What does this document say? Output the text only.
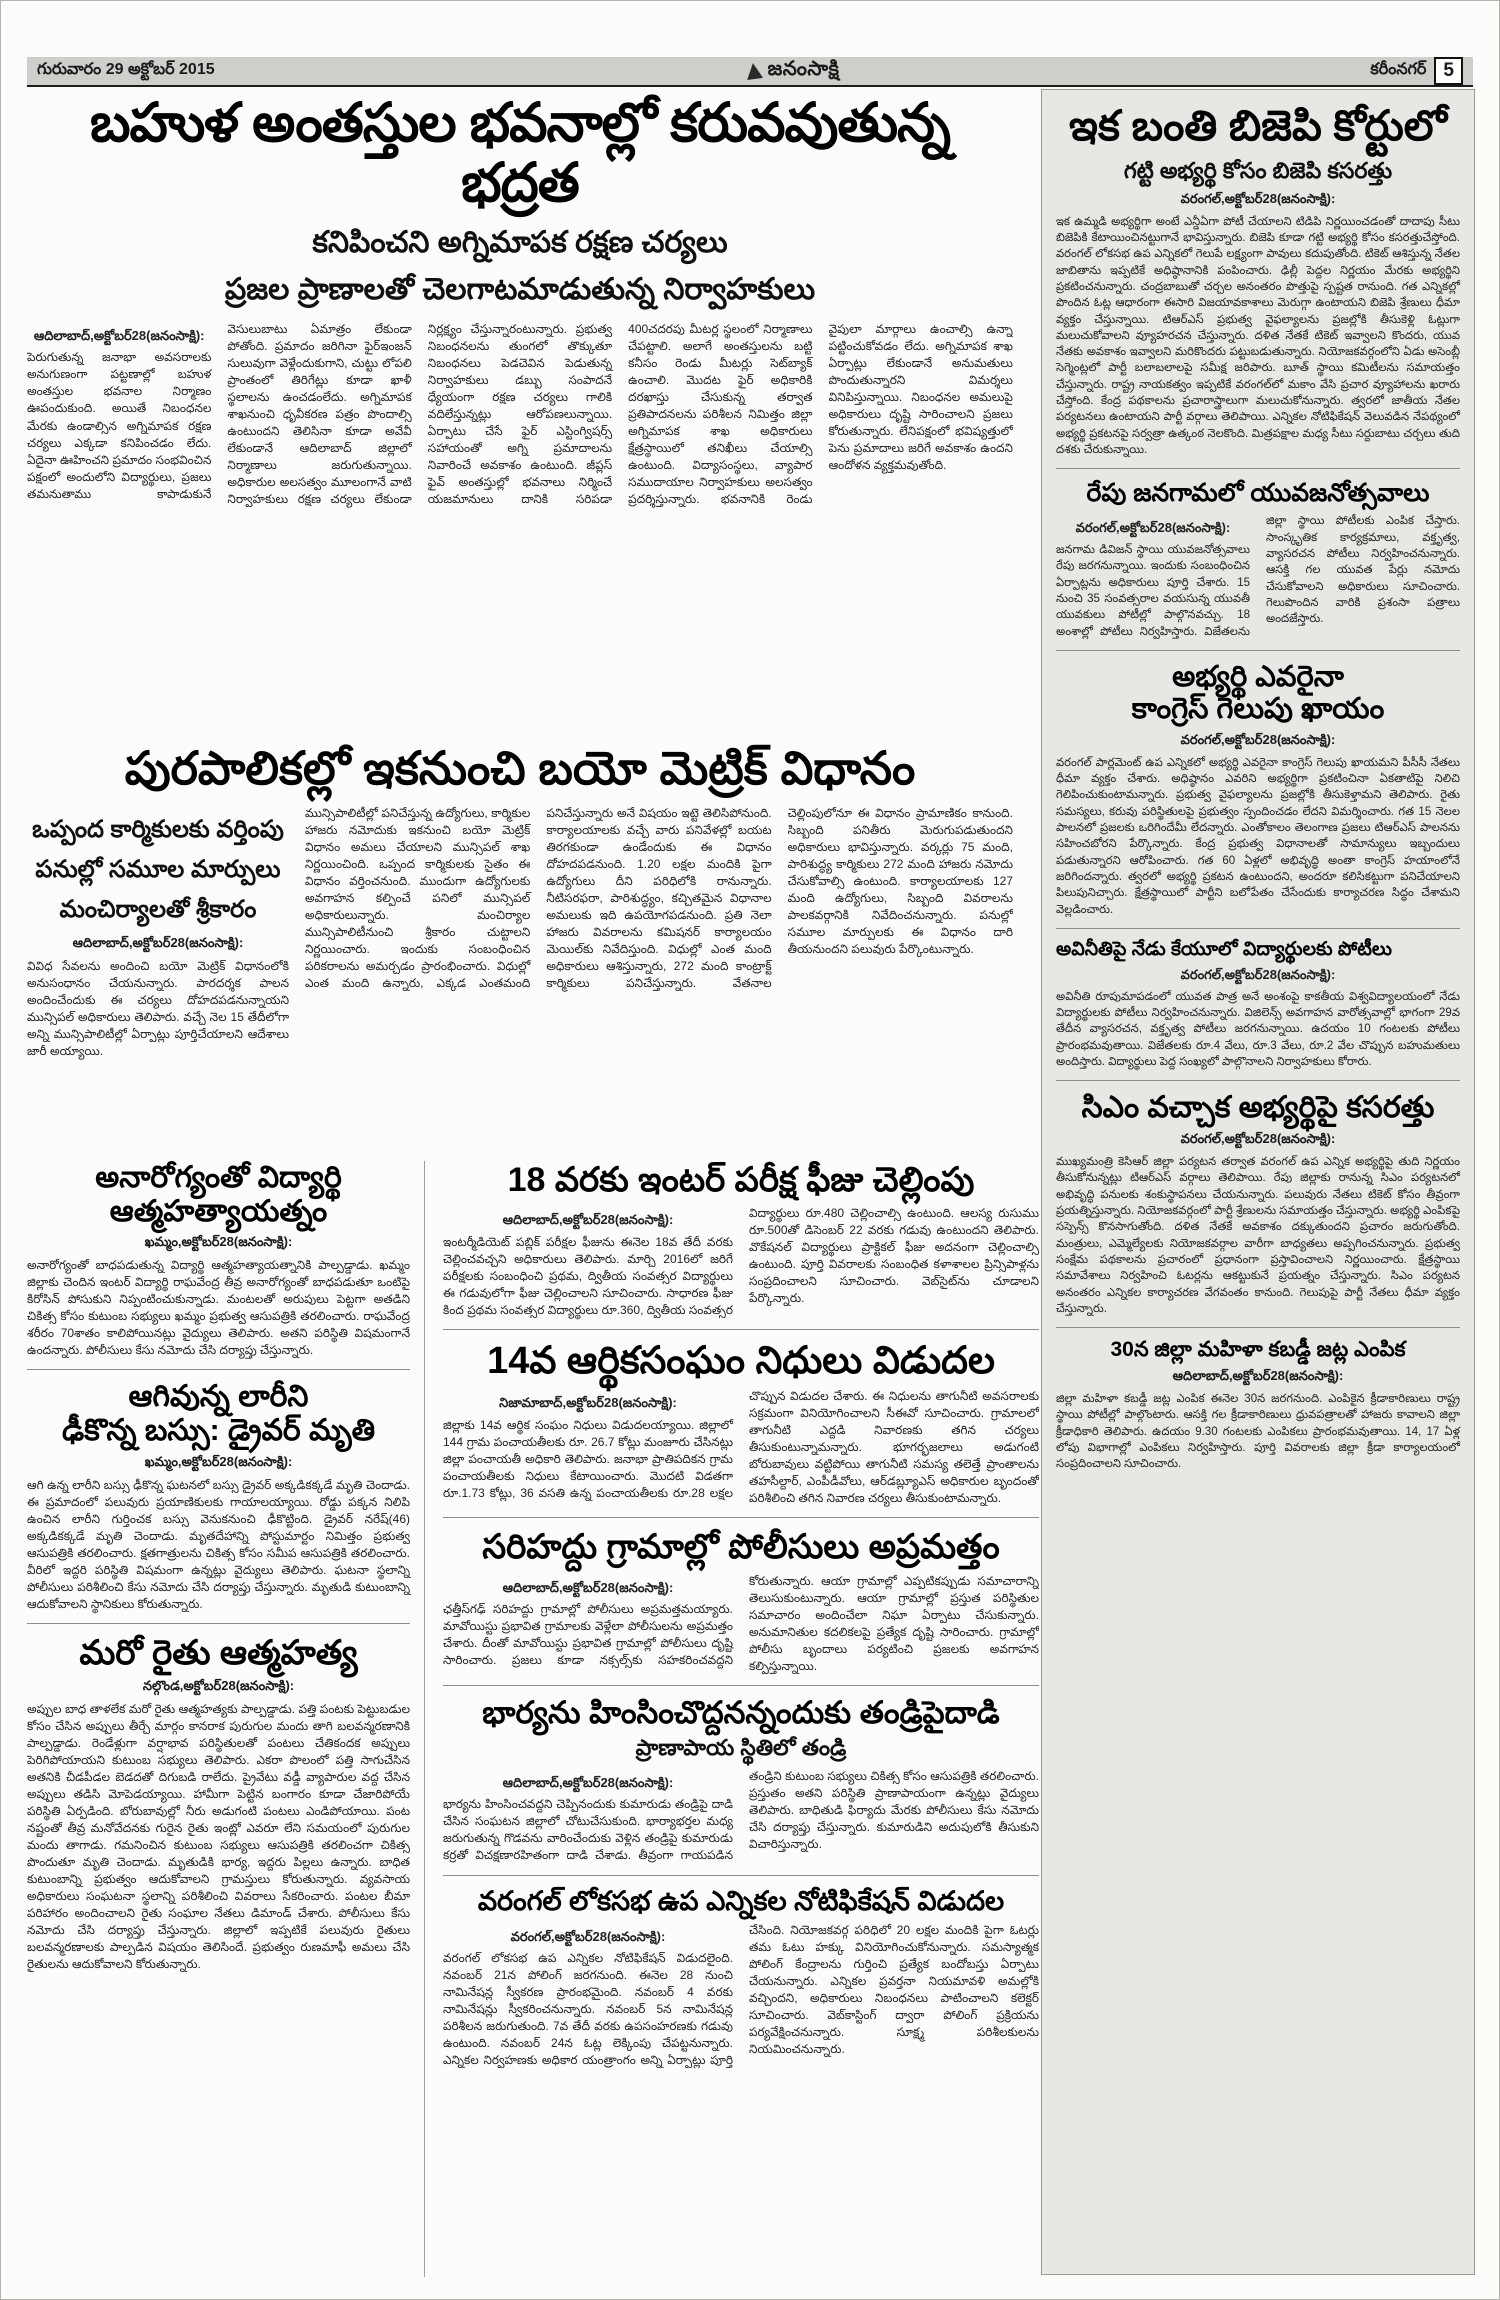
గురువారం 29 అక్టోబర్ 2015	జనంసాక్షి	కరీంనగర్ 5
బహుళ అంతస్తుల భవనాల్లో కరువవుతున్న భద్రత
కనిపించని అగ్నిమాపక రక్షణ చర్యలు
ప్రజల ప్రాణాలతో చెలగాటమాడుతున్న నిర్వాహకులు
ఆదిలాబాద్,అక్టోబర్28(జనంసాక్షి):
పెరుగుతున్న జనాభా అవసరాలకు అనుగుణంగా పట్టణాల్లో బహుళ అంతస్తుల భవనాల నిర్మాణం ఊపందుకుంది. అయితే నిబంధనల మేరకు ఉండాల్సిన అగ్నిమాపక రక్షణ చర్యలు ఎక్కడా కనిపించడం లేదు. ఏదైనా ఊహించని ప్రమాదం సంభవించిన పక్షంలో అందులోని విద్యార్థులు, ప్రజలు తమనుతాము కాపాడుకునే వెసులుబాటు ఏమాత్రం లేకుండా పోతోంది. ప్రమాదం జరిగినా ఫైర్‌ఇంజన్ సులువుగా వెళ్లేందుకుగాని, చుట్టు లోపలి ప్రాంతంలో తిరిగేట్లు కూడా ఖాళీ స్థలాలను ఉంచడంలేదు. అగ్నిమాపక శాఖనుంచి ధృవీకరణ పత్రం పొందాల్సి ఉంటుందని తెలిసినా కూడా అవేవీ లేకుండానే ఆదిలాబాద్ జిల్లాలో నిర్మాణాలు జరుగుతున్నాయి. అధికారుల అలసత్వం మూలంగానే వాటి నిర్వాహకులు రక్షణ చర్యలు లేకుండా నిర్లక్ష్యం చేస్తున్నారంటున్నారు. ప్రభుత్వ నిబంధనలను తుంగలో తొక్కుతూ నిబంధనలు పెడచెవిన పెడుతున్న నిర్వాహకులు డబ్బు సంపాదనే ధ్యేయంగా రక్షణ చర్యలు గాలికి వదిలేస్తున్నట్లు ఆరోపణలున్నాయి. ఏర్పాటు చేసే ఫైర్ ఎస్టింగ్విషర్స్ సహాయంతో అగ్ని ప్రమాదాలను నివారించే అవకాశం ఉంటుంది. జీప్లస్ ఫైవ్ అంతస్తుల్లో భవనాలు నిర్మించే యజమానులు దానికి సరిపడా 400చదరపు మీటర్ల స్థలంలో నిర్మాణాలు చేపట్టాలి. అలాగే అంతస్తులను బట్టి కనీసం రెండు మీటర్లు సెట్‌బ్యాక్ ఉంచాలి. మొదట ఫైర్ అధికారికి దరఖాస్తు చేసుకున్న తర్వాత ప్రతిపాదనలను పరిశీలన నిమిత్తం జిల్లా అగ్నిమాపక శాఖ అధికారులు క్షేత్రస్థాయిలో తనిఖీలు చేయాల్సి ఉంటుంది. విద్యాసంస్థలు, వ్యాపార సముదాయాల నిర్వాహకులు అలసత్వం ప్రదర్శిస్తున్నారు. భవనానికి రెండు వైపులా మార్గాలు ఉంచాల్సి ఉన్నా పట్టించుకోవడం లేదు. అగ్నిమాపక శాఖ ఏర్పాట్లు లేకుండానే అనుమతులు పొందుతున్నారని విమర్శలు వినిపిస్తున్నాయి. నిబంధనల అమలుపై అధికారులు దృష్టి సారించాలని ప్రజలు కోరుతున్నారు. లేనిపక్షంలో భవిష్యత్తులో పెను ప్రమాదాలు జరిగే అవకాశం ఉందని ఆందోళన వ్యక్తమవుతోంది.
పురపాలికల్లో ఇకనుంచి బయో మెట్రిక్ విధానం
ఒప్పంద కార్మికులకు వర్తింపు
పనుల్లో సమూల మార్పులు
మంచిర్యాలతో శ్రీకారం
ఆదిలాబాద్,అక్టోబర్28(జనంసాక్షి):
వివిధ సేవలను అందించి బయో మెట్రిక్ విధానంలోకి అనుసంధానం చేయనున్నారు. పారదర్శక పాలన అందించేందుకు ఈ చర్యలు దోహదపడనున్నాయని మున్సిపల్ అధికారులు తెలిపారు. వచ్చే నెల 15 తేదీలోగా అన్ని మున్సిపాలిటీల్లో ఏర్పాట్లు పూర్తిచేయాలని ఆదేశాలు జారీ అయ్యాయి.
మున్సిపాలిటీల్లో పనిచేస్తున్న ఉద్యోగులు, కార్మికుల హాజరు నమోదుకు ఇకనుంచి బయో మెట్రిక్ విధానం అమలు చేయాలని మున్సిపల్ శాఖ నిర్ణయించింది. ఒప్పంద కార్మికులకు సైతం ఈ విధానం వర్తించనుంది. ముందుగా ఉద్యోగులకు అవగాహన కల్పించే పనిలో మున్సిపల్ అధికారులున్నారు. మంచిర్యాల మున్సిపాలిటీనుంచి శ్రీకారం చుట్టాలని నిర్ణయించారు. ఇందుకు సంబంధించిన పరికరాలను అమర్చడం ప్రారంభించారు. విధుల్లో ఎంత మంది ఉన్నారు, ఎక్కడ ఎంతమంది పనిచేస్తున్నారు అనే విషయం ఇట్టె తెలిసిపోనుంది. కార్యాలయాలకు వచ్చే వారు పనివేళల్లో బయట తిరగకుండా ఉండేందుకు ఈ విధానం దోహదపడనుంది. 1.20 లక్షల మందికి పైగా ఉద్యోగులు దీని పరిధిలోకి రానున్నారు. నీటిసరఫరా, పారిశుద్ధ్యం, కచ్చితమైన విధానాల అమలుకు ఇది ఉపయోగపడనుంది. ప్రతి నెలా హాజరు వివరాలను కమిషనర్ కార్యాలయం మెయిల్‌కు నివేదిస్తుంది. విధుల్లో ఎంత మంది అధికారులు ఆశిస్తున్నారు, 272 మంది కాంట్రాక్ట్ కార్మికులు పనిచేస్తున్నారు. వేతనాల చెల్లింపులోనూ ఈ విధానం ప్రామాణికం కానుంది. సిబ్బంది పనితీరు మెరుగుపడుతుందని అధికారులు భావిస్తున్నారు. వర్కర్లు 75 మంది, పారిశుద్ధ్య కార్మికులు 272 మంది హాజరు నమోదు చేసుకోవాల్సి ఉంటుంది. కార్యాలయాలకు 127 మంది ఉద్యోగులు, సిబ్బంది వివరాలను పాలకవర్గానికి నివేదించనున్నారు. పనుల్లో సమూల మార్పులకు ఈ విధానం దారి తీయనుందని పలువురు పేర్కొంటున్నారు.
అనారోగ్యంతో విద్యార్థి
ఆత్మహత్యాయత్నం
ఖమ్మం,అక్టోబర్28(జనంసాక్షి):
అనారోగ్యంతో బాధపడుతున్న విద్యార్థి ఆత్మహత్యాయత్నానికి పాల్పడ్డాడు. ఖమ్మం జిల్లాకు చెందిన ఇంటర్ విద్యార్థి రాఘవేంద్ర తీవ్ర అనారోగ్యంతో బాధపడుతూ ఒంటిపై కిరోసిన్ పోసుకుని నిప్పంటించుకున్నాడు. మంటలతో అరుపులు పెట్టగా అతడిని చికిత్స కోసం కుటుంబ సభ్యులు ఖమ్మం ప్రభుత్వ ఆసుపత్రికి తరలించారు. రాఘవేంద్ర శరీరం 70శాతం కాలిపోయినట్లు వైద్యులు తెలిపారు. అతని పరిస్థితి విషమంగానే ఉందన్నారు. పోలీసులు కేసు నమోదు చేసి దర్యాప్తు చేస్తున్నారు.
ఆగివున్న లారీని
ఢీకొన్న బస్సు: డ్రైవర్ మృతి
ఖమ్మం,అక్టోబర్28(జనంసాక్షి):
ఆగి ఉన్న లారీని బస్సు ఢీకొన్న ఘటనలో బస్సు డ్రైవర్ అక్కడికక్కడే మృతి చెందాడు. ఈ ప్రమాదంలో పలువురు ప్రయాణికులకు గాయాలయ్యాయి. రోడ్డు పక్కన నిలిపి ఉంచిన లారీని గుర్తించక బస్సు వెనుకనుంచి ఢీకొట్టింది. డ్రైవర్ నరేష్(46) అక్కడికక్కడే మృతి చెందాడు. మృతదేహాన్ని పోస్టుమార్టం నిమిత్తం ప్రభుత్వ ఆసుపత్రికి తరలించారు. క్షతగాత్రులను చికిత్స కోసం సమీప ఆసుపత్రికి తరలించారు. వీరిలో ఇద్దరి పరిస్థితి విషమంగా ఉన్నట్లు వైద్యులు తెలిపారు. ఘటనా స్థలాన్ని పోలీసులు పరిశీలించి కేసు నమోదు చేసి దర్యాప్తు చేస్తున్నారు. మృతుడి కుటుంబాన్ని ఆదుకోవాలని స్థానికులు కోరుతున్నారు.
మరో రైతు ఆత్మహత్య
నల్గొండ,అక్టోబర్28(జనంసాక్షి):
అప్పుల బాధ తాళలేక మరో రైతు ఆత్మహత్యకు పాల్పడ్డాడు. పత్తి పంటకు పెట్టుబడుల కోసం చేసిన అప్పులు తీర్చే మార్గం కానరాక పురుగుల మందు తాగి బలవన్మరణానికి పాల్పడ్డాడు. రెండేళ్లుగా వర్షాభావ పరిస్థితులతో పంటలు చేతికందక అప్పులు పెరిగిపోయాయని కుటుంబ సభ్యులు తెలిపారు. ఎకరా పొలంలో పత్తి సాగుచేసిన అతనికి చీడపీడల బెడదతో దిగుబడి రాలేదు. ప్రైవేటు వడ్డీ వ్యాపారుల వద్ద చేసిన అప్పులు తడిసి మోపెడయ్యాయి. హామీగా పెట్టిన బంగారం కూడా చేజారిపోయే పరిస్థితి ఏర్పడింది. బోరుబావుల్లో నీరు అడుగంటి పంటలు ఎండిపోయాయి. పంట నష్టంతో తీవ్ర మనోవేదనకు గురైన రైతు ఇంట్లో ఎవరూ లేని సమయంలో పురుగుల మందు తాగాడు. గమనించిన కుటుంబ సభ్యులు ఆసుపత్రికి తరలించగా చికిత్స పొందుతూ మృతి చెందాడు. మృతుడికి భార్య, ఇద్దరు పిల్లలు ఉన్నారు. బాధిత కుటుంబాన్ని ప్రభుత్వం ఆదుకోవాలని గ్రామస్తులు కోరుతున్నారు. వ్యవసాయ అధికారులు సంఘటనా స్థలాన్ని పరిశీలించి వివరాలు సేకరించారు. పంటల బీమా పరిహారం అందించాలని రైతు సంఘాల నేతలు డిమాండ్ చేశారు. పోలీసులు కేసు నమోదు చేసి దర్యాప్తు చేస్తున్నారు. జిల్లాలో ఇప్పటికే పలువురు రైతులు బలవన్మరణాలకు పాల్పడిన విషయం తెలిసిందే. ప్రభుత్వం రుణమాఫీ అమలు చేసి రైతులను ఆదుకోవాలని కోరుతున్నారు.
18 వరకు ఇంటర్ పరీక్ష ఫీజు చెల్లింపు
ఆదిలాబాద్,అక్టోబర్28(జనంసాక్షి):
ఇంటర్మీడియెట్ పబ్లిక్ పరీక్షల ఫీజును ఈనెల 18వ తేదీ వరకు చెల్లించవచ్చని అధికారులు తెలిపారు. మార్చి 2016లో జరిగే పరీక్షలకు సంబంధించి ప్రథమ, ద్వితీయ సంవత్సర విద్యార్థులు ఈ గడువులోగా ఫీజు చెల్లించాలని సూచించారు. సాధారణ ఫీజు కింద ప్రథమ సంవత్సర విద్యార్థులు రూ.360, ద్వితీయ సంవత్సర విద్యార్థులు రూ.480 చెల్లించాల్సి ఉంటుంది. ఆలస్య రుసుము రూ.500తో డిసెంబర్ 22 వరకు గడువు ఉంటుందని తెలిపారు. వొకేషనల్ విద్యార్థులు ప్రాక్టికల్ ఫీజు అదనంగా చెల్లించాల్సి ఉంటుంది. పూర్తి వివరాలకు సంబంధిత కళాశాలల ప్రిన్సిపాళ్లను సంప్రదించాలని సూచించారు. వెబ్‌సైట్‌ను చూడాలని పేర్కొన్నారు.
14వ ఆర్థికసంఘం నిధులు విడుదల
నిజామాబాద్,అక్టోబర్28(జనంసాక్షి):
జిల్లాకు 14వ ఆర్థిక సంఘం నిధులు విడుదలయ్యాయి. జిల్లాలో 144 గ్రామ పంచాయతీలకు రూ. 26.7 కోట్లు మంజూరు చేసినట్లు జిల్లా పంచాయతీ అధికారి తెలిపారు. జనాభా ప్రాతిపదికన గ్రామ పంచాయతీలకు నిధులు కేటాయించారు. మొదటి విడతగా రూ.1.73 కోట్లు, 36 వసతి ఉన్న పంచాయతీలకు రూ.28 లక్షల చొప్పున విడుదల చేశారు. ఈ నిధులను తాగునీటి అవసరాలకు సక్రమంగా వినియోగించాలని సీఈవో సూచించారు. గ్రామాలలో తాగునీటి ఎద్దడి నివారణకు తగిన చర్యలు తీసుకుంటున్నామన్నారు. భూగర్భజలాలు అడుగంటి బోరుబావులు వట్టిపోయి తాగునీటి సమస్య తలెత్తే ప్రాంతాలను తహసీల్దార్, ఎంపీడీవోలు, ఆర్‌డబ్ల్యూఎస్ అధికారుల బృందంతో పరిశీలించి తగిన నివారణ చర్యలు తీసుకుంటామన్నారు.
సరిహద్దు గ్రామాల్లో పోలీసులు అప్రమత్తం
ఆదిలాబాద్,అక్టోబర్28(జనంసాక్షి):
ఛత్తీస్‌గఢ్ సరిహద్దు గ్రామాల్లో పోలీసులు అప్రమత్తమయ్యారు. మావోయిస్టు ప్రభావిత గ్రామాలకు వెళ్లేలా పోలీసులను అప్రమత్తం చేశారు. దీంతో మావోయిస్టు ప్రభావిత గ్రామాల్లో పోలీసులు దృష్టి సారించారు. ప్రజలు కూడా నక్సల్స్‌కు సహకరించవద్దని కోరుతున్నారు. ఆయా గ్రామాల్లో ఎప్పటికప్పుడు సమాచారాన్ని తెలుసుకుంటున్నారు. ఆయా గ్రామాల్లో ప్రస్తుత పరిస్థితుల సమాచారం అందించేలా నిఘా ఏర్పాటు చేసుకున్నారు. అనుమానితుల కదలికలపై ప్రత్యేక దృష్టి సారించారు. గ్రామాల్లో పోలీసు బృందాలు పర్యటించి ప్రజలకు అవగాహన కల్పిస్తున్నాయి.
భార్యను హింసించొద్దనన్నందుకు తండ్రిపైదాడి
ప్రాణాపాయ స్థితిలో తండ్రి
ఆదిలాబాద్,అక్టోబర్28(జనంసాక్షి):
భార్యను హింసించవద్దని చెప్పినందుకు కుమారుడు తండ్రిపై దాడి చేసిన సంఘటన జిల్లాలో చోటుచేసుకుంది. భార్యాభర్తల మధ్య జరుగుతున్న గొడవను వారించేందుకు వెళ్లిన తండ్రిపై కుమారుడు కర్రతో విచక్షణారహితంగా దాడి చేశాడు. తీవ్రంగా గాయపడిన తండ్రిని కుటుంబ సభ్యులు చికిత్స కోసం ఆసుపత్రికి తరలించారు. ప్రస్తుతం అతని పరిస్థితి ప్రాణాపాయంగా ఉన్నట్లు వైద్యులు తెలిపారు. బాధితుడి ఫిర్యాదు మేరకు పోలీసులు కేసు నమోదు చేసి దర్యాప్తు చేస్తున్నారు. కుమారుడిని అదుపులోకి తీసుకుని విచారిస్తున్నారు.
వరంగల్ లోకసభ ఉప ఎన్నికల నోటిఫికేషన్ విడుదల
వరంగల్,అక్టోబర్28(జనంసాక్షి):
వరంగల్ లోకసభ ఉప ఎన్నికల నోటిఫికేషన్ విడుదలైంది. నవంబర్ 21న పోలింగ్ జరగనుంది. ఈనెల 28 నుంచి నామినేషన్ల స్వీకరణ ప్రారంభమైంది. నవంబర్ 4 వరకు నామినేషన్లు స్వీకరించనున్నారు. నవంబర్ 5న నామినేషన్ల పరిశీలన జరుగుతుంది. 7వ తేదీ వరకు ఉపసంహరణకు గడువు ఉంటుంది. నవంబర్ 24న ఓట్ల లెక్కింపు చేపట్టనున్నారు. ఎన్నికల నిర్వహణకు అధికార యంత్రాంగం అన్ని ఏర్పాట్లు పూర్తి చేసింది. నియోజకవర్గ పరిధిలో 20 లక్షల మందికి పైగా ఓటర్లు తమ ఓటు హక్కు వినియోగించుకోనున్నారు. సమస్యాత్మక పోలింగ్ కేంద్రాలను గుర్తించి ప్రత్యేక బందోబస్తు ఏర్పాటు చేయనున్నారు. ఎన్నికల ప్రవర్తనా నియమావళి అమల్లోకి వచ్చిందని, అధికారులు నిబంధనలు పాటించాలని కలెక్టర్ సూచించారు. వెబ్‌కాస్టింగ్ ద్వారా పోలింగ్ ప్రక్రియను పర్యవేక్షించనున్నారు. సూక్ష్మ పరిశీలకులను నియమించనున్నారు.
ఇక బంతి బిజెపి కోర్టులో
గట్టి అభ్యర్థి కోసం బిజెపి కసరత్తు
వరంగల్,అక్టోబర్28(జనంసాక్షి):
ఇక ఉమ్మడి అభ్యర్థిగా అంటే ఎన్డీఏగా పోటీ చేయాలని టిడిపి నిర్ణయించడంతో దాదాపు సీటు బిజెపికి కేటాయించినట్టుగానే భావిస్తున్నారు. బిజెపి కూడా గట్టి అభ్యర్థి కోసం కసరత్తుచేస్తోంది. వరంగల్ లోకసభ ఉప ఎన్నికలో గెలుపే లక్ష్యంగా పావులు కదుపుతోంది. టికెట్ ఆశిస్తున్న నేతల జాబితాను ఇప్పటికే అధిష్ఠానానికి పంపించారు. ఢిల్లీ పెద్దల నిర్ణయం మేరకు అభ్యర్థిని ప్రకటించనున్నారు. చంద్రబాబుతో చర్చల అనంతరం పొత్తుపై స్పష్టత రానుంది. గత ఎన్నికల్లో పొందిన ఓట్ల ఆధారంగా ఈసారి విజయావకాశాలు మెరుగ్గా ఉంటాయని బిజెపి శ్రేణులు ధీమా వ్యక్తం చేస్తున్నాయి. టిఆర్ఎస్ ప్రభుత్వ వైఫల్యాలను ప్రజల్లోకి తీసుకెళ్లి ఓట్లుగా మలుచుకోవాలని వ్యూహరచన చేస్తున్నారు. దళిత నేతకే టికెట్ ఇవ్వాలని కొందరు, యువ నేతకు అవకాశం ఇవ్వాలని మరికొందరు పట్టుబడుతున్నారు. నియోజకవర్గంలోని ఏడు అసెంబ్లీ సెగ్మెంట్లలో పార్టీ బలాబలాలపై సమీక్ష జరిపారు. బూత్ స్థాయి కమిటీలను సమాయత్తం చేస్తున్నారు. రాష్ట్ర నాయకత్వం ఇప్పటికే వరంగల్‌లో మకాం వేసి ప్రచార వ్యూహాలను ఖరారు చేస్తోంది. కేంద్ర పథకాలను ప్రచారాస్త్రాలుగా మలుచుకోనున్నారు. త్వరలో జాతీయ నేతల పర్యటనలు ఉంటాయని పార్టీ వర్గాలు తెలిపాయి. ఎన్నికల నోటిఫికేషన్ వెలువడిన నేపథ్యంలో అభ్యర్థి ప్రకటనపై సర్వత్రా ఉత్కంఠ నెలకొంది. మిత్రపక్షాల మధ్య సీటు సర్దుబాటు చర్చలు తుది దశకు చేరుకున్నాయి.
రేపు జనగామలో యువజనోత్సవాలు
వరంగల్,అక్టోబర్28(జనంసాక్షి):
జనగామ డివిజన్ స్థాయి యువజనోత్సవాలు రేపు జరగనున్నాయి. ఇందుకు సంబంధించిన ఏర్పాట్లను అధికారులు పూర్తి చేశారు. 15 నుంచి 35 సంవత్సరాల వయసున్న యువతీ యువకులు పోటీల్లో పాల్గొనవచ్చు. 18 అంశాల్లో పోటీలు నిర్వహిస్తారు. విజేతలను జిల్లా స్థాయి పోటీలకు ఎంపిక చేస్తారు. సాంస్కృతిక కార్యక్రమాలు, వక్తృత్వ, వ్యాసరచన పోటీలు నిర్వహించనున్నారు. ఆసక్తి గల యువత పేర్లు నమోదు చేసుకోవాలని అధికారులు సూచించారు. గెలుపొందిన వారికి ప్రశంసా పత్రాలు అందజేస్తారు.
అభ్యర్థి ఎవరైనా
కాంగ్రెస్ గెలుపు ఖాయం
వరంగల్,అక్టోబర్28(జనంసాక్షి):
వరంగల్ పార్లమెంట్ ఉప ఎన్నికలో అభ్యర్థి ఎవరైనా కాంగ్రెస్ గెలుపు ఖాయమని పీసీసీ నేతలు ధీమా వ్యక్తం చేశారు. అధిష్ఠానం ఎవరిని అభ్యర్థిగా ప్రకటించినా ఏకతాటిపై నిలిచి గెలిపించుకుంటామన్నారు. ప్రభుత్వ వైఫల్యాలను ప్రజల్లోకి తీసుకెళ్తామని తెలిపారు. రైతు సమస్యలు, కరువు పరిస్థితులపై ప్రభుత్వం స్పందించడం లేదని విమర్శించారు. గత 15 నెలల పాలనలో ప్రజలకు ఒరిగిందేమీ లేదన్నారు. ఎంతోకాలం తెలంగాణ ప్రజలు టిఆర్ఎస్ పాలనను సహించబోరని పేర్కొన్నారు. కేంద్ర ప్రభుత్వ విధానాలతో సామాన్యులు ఇబ్బందులు పడుతున్నారని ఆరోపించారు. గత 60 ఏళ్లలో అభివృద్ధి అంతా కాంగ్రెస్ హయాంలోనే జరిగిందన్నారు. త్వరలో అభ్యర్థి ప్రకటన ఉంటుందని, అందరూ కలిసికట్టుగా పనిచేయాలని పిలుపునిచ్చారు. క్షేత్రస్థాయిలో పార్టీని బలోపేతం చేసేందుకు కార్యాచరణ సిద్ధం చేశామని వెల్లడించారు.
అవినీతిపై నేడు కేయూలో విద్యార్థులకు పోటీలు
వరంగల్,అక్టోబర్28(జనంసాక్షి):
అవినీతి రూపుమాపడంలో యువత పాత్ర అనే అంశంపై కాకతీయ విశ్వవిద్యాలయంలో నేడు విద్యార్థులకు పోటీలు నిర్వహించనున్నారు. విజిలెన్స్ అవగాహన వారోత్సవాల్లో భాగంగా 29వ తేదీన వ్యాసరచన, వక్తృత్వ పోటీలు జరగనున్నాయి. ఉదయం 10 గంటలకు పోటీలు ప్రారంభమవుతాయి. విజేతలకు రూ.4 వేలు, రూ.3 వేలు, రూ.2 వేల చొప్పున బహుమతులు అందిస్తారు. విద్యార్థులు పెద్ద సంఖ్యలో పాల్గొనాలని నిర్వాహకులు కోరారు.
సిఎం వచ్చాక అభ్యర్థిపై కసరత్తు
వరంగల్,అక్టోబర్28(జనంసాక్షి):
ముఖ్యమంత్రి కెసిఆర్ జిల్లా పర్యటన తర్వాత వరంగల్ ఉప ఎన్నిక అభ్యర్థిపై తుది నిర్ణయం తీసుకోనున్నట్లు టిఆర్ఎస్ వర్గాలు తెలిపాయి. రేపు జిల్లాకు రానున్న సిఎం పర్యటనలో అభివృద్ధి పనులకు శంకుస్థాపనలు చేయనున్నారు. పలువురు నేతలు టికెట్ కోసం తీవ్రంగా ప్రయత్నిస్తున్నారు. నియోజకవర్గంలో పార్టీ శ్రేణులను సమాయత్తం చేస్తున్నారు. అభ్యర్థి ఎంపికపై సస్పెన్స్ కొనసాగుతోంది. దళిత నేతకే అవకాశం దక్కుతుందని ప్రచారం జరుగుతోంది. మంత్రులు, ఎమ్మెల్యేలకు నియోజకవర్గాల వారీగా బాధ్యతలు అప్పగించనున్నారు. ప్రభుత్వ సంక్షేమ పథకాలను ప్రచారంలో ప్రధానంగా ప్రస్తావించాలని నిర్ణయించారు. క్షేత్రస్థాయి సమావేశాలు నిర్వహించి ఓటర్లను ఆకట్టుకునే ప్రయత్నం చేస్తున్నారు. సిఎం పర్యటన అనంతరం ఎన్నికల కార్యాచరణ వేగవంతం కానుంది. గెలుపుపై పార్టీ నేతలు ధీమా వ్యక్తం చేస్తున్నారు.
30న జిల్లా మహిళా కబడ్డీ జట్ల ఎంపిక
ఆదిలాబాద్,అక్టోబర్28(జనంసాక్షి):
జిల్లా మహిళా కబడ్డీ జట్ల ఎంపిక ఈనెల 30న జరగనుంది. ఎంపికైన క్రీడాకారిణులు రాష్ట్ర స్థాయి పోటీల్లో పాల్గొంటారు. ఆసక్తి గల క్రీడాకారిణులు ధ్రువపత్రాలతో హాజరు కావాలని జిల్లా క్రీడాధికారి తెలిపారు. ఉదయం 9.30 గంటలకు ఎంపికలు ప్రారంభమవుతాయి. 14, 17 ఏళ్ల లోపు విభాగాల్లో ఎంపికలు నిర్వహిస్తారు. పూర్తి వివరాలకు జిల్లా క్రీడా కార్యాలయంలో సంప్రదించాలని సూచించారు.
